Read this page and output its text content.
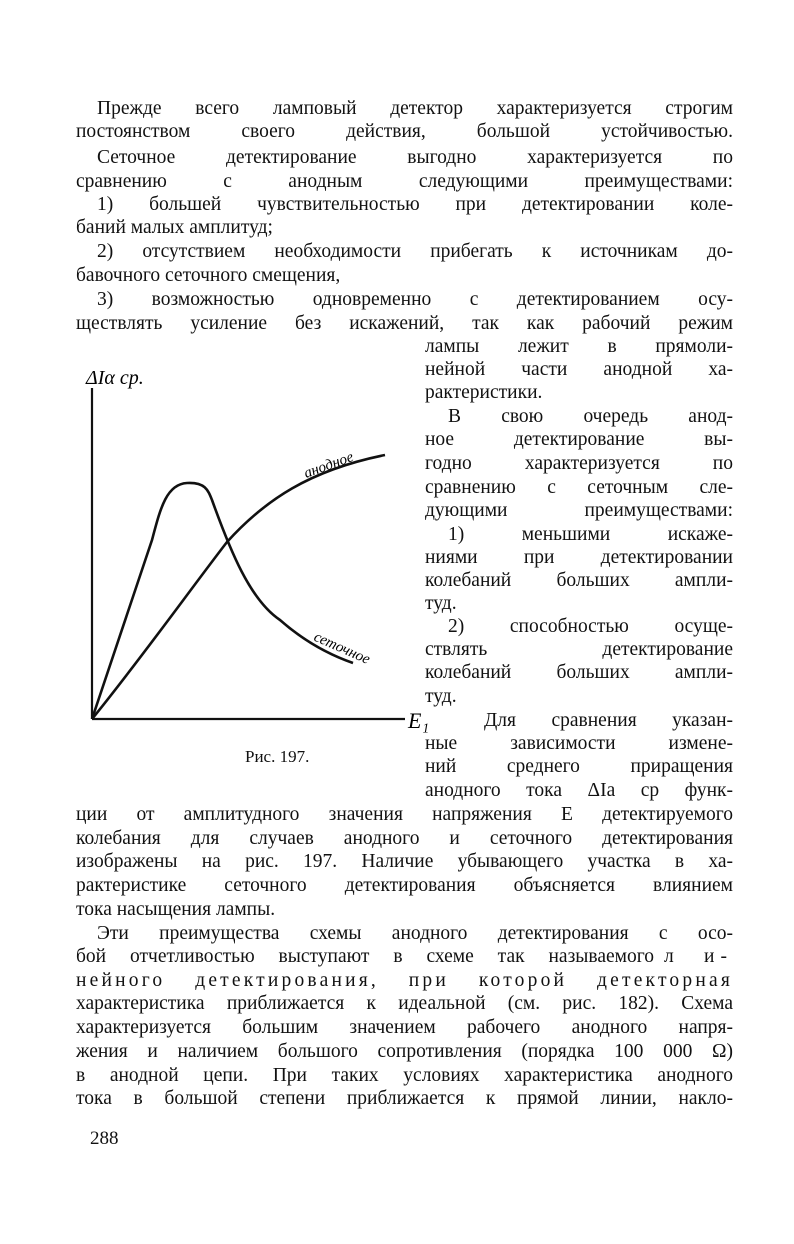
Прежде всего ламповый детектор характеризуется строгим
постоянством своего действия, большой устойчивостью.
Сеточное детектирование выгодно характеризуется по
сравнению с анодным следующими преимуществами:
1) большей чувствительностью при детектировании коле-
баний малых амплитуд;
2) отсутствием необходимости прибегать к источникам до-
бавочного сеточного смещения,
3) возможностью одновременно с детектированием осу-
ществлять усиление без искажений, так как рабочий режим
лампы лежит в прямоли-
нейной части анодной ха-
рактеристики.
В свою очередь анод-
ное детектирование вы-
годно характеризуется по
сравнению с сеточным сле-
дующими преимуществами:
1) меньшими искаже-
ниями при детектировании
колебаний больших ампли-
туд.
2) способностью осуще-
ствлять детектирование
колебаний больших ампли-
туд.
Для сравнения указан-
ные зависимости измене-
ний среднего приращения
анодного тока ΔIa ср функ-
ции от амплитудного значения напряжения E детектируемого
колебания для случаев анодного и сеточного детектирования
изображены на рис. 197. Наличие убывающего участка в ха-
рактеристике сеточного детектирования объясняется влиянием
тока насыщения лампы.
Эти преимущества схемы анодного детектирования с осо-
бой отчетливостью выступают в схеме так называемого л и-
нейного детектирования, при которой детекторная
характеристика приближается к идеальной (см. рис. 182). Схема
характеризуется большим значением рабочего анодного напря-
жения и наличием большого сопротивления (порядка 100 000 Ω)
в анодной цепи. При таких условиях характеристика анодного
тока в большой степени приближается к прямой линии, накло-
ΔIα ср.
E₁
анодное
сеточное
Рис. 197.
288
